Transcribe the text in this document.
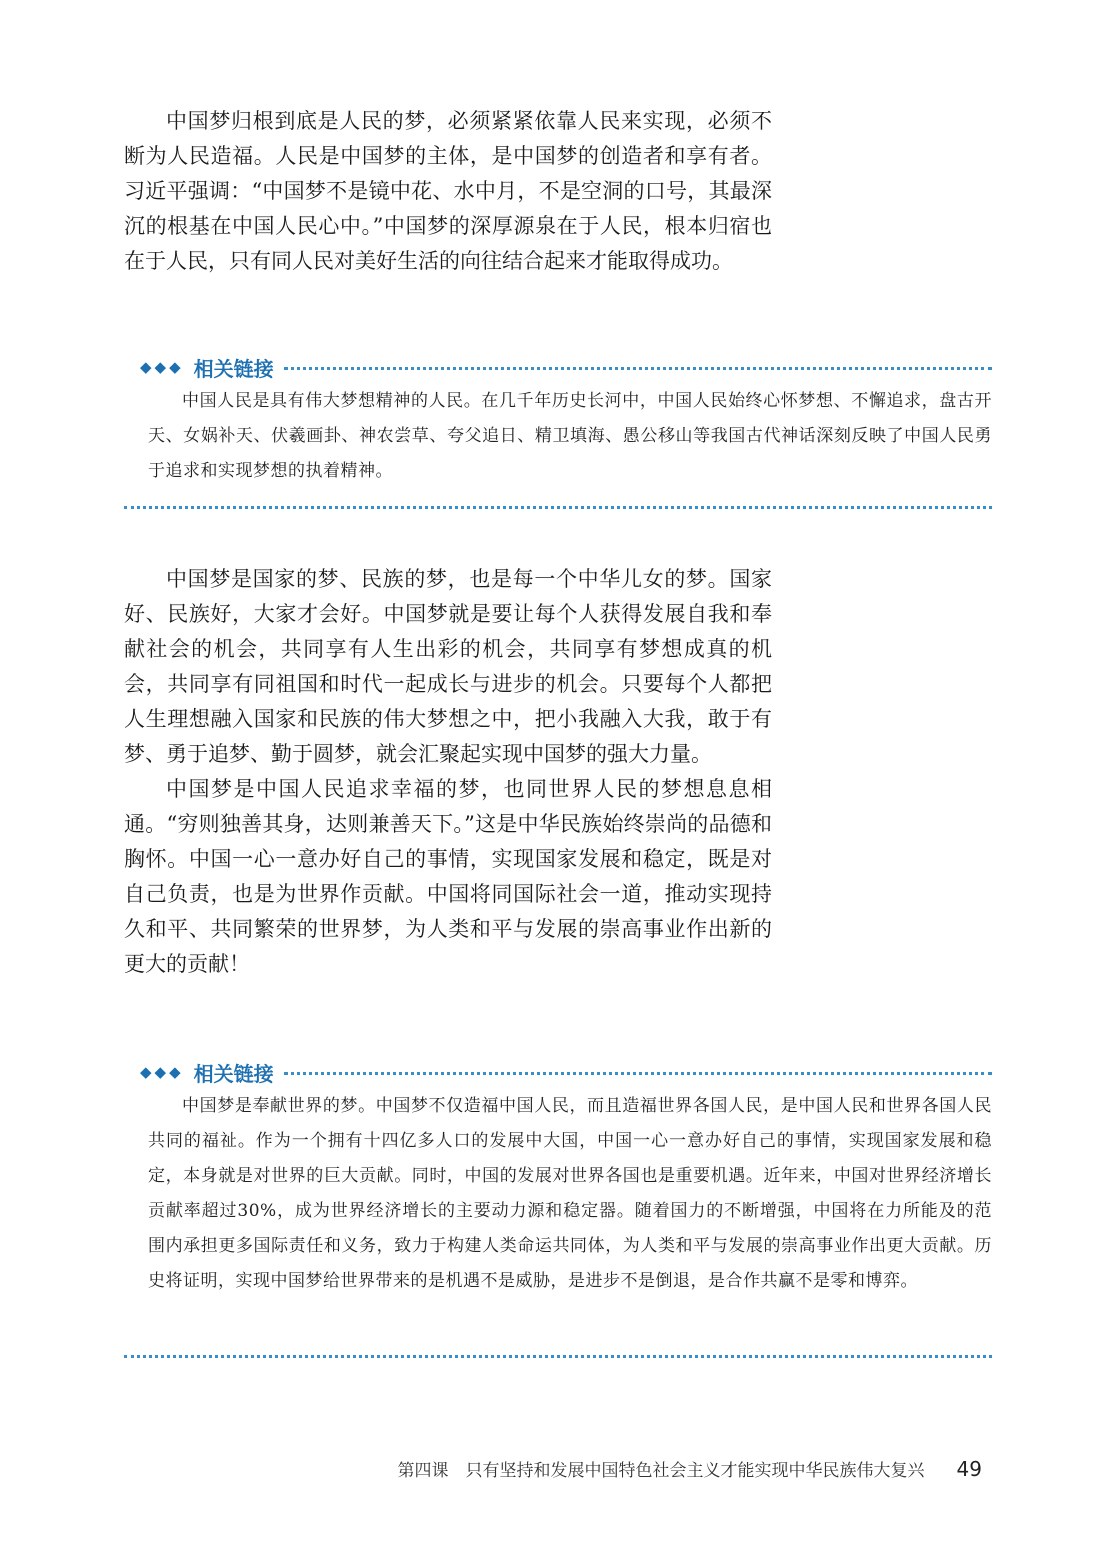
中国梦归根到底是人民的梦，必须紧紧依靠人民来实现，必须不断为人民造福。人民是中国梦的主体，是中国梦的创造者和享有者。习近平强调：“中国梦不是镜中花、水中月，不是空洞的口号，其最深沉的根基在中国人民心中。”中国梦的深厚源泉在于人民，根本归宿也在于人民，只有同人民对美好生活的向往结合起来才能取得成功。

◆◆◆ 相关链接

中国人民是具有伟大梦想精神的人民。在几千年历史长河中，中国人民始终心怀梦想、不懈追求，盘古开天、女娲补天、伏羲画卦、神农尝草、夸父追日、精卫填海、愚公移山等我国古代神话深刻反映了中国人民勇于追求和实现梦想的执着精神。

中国梦是国家的梦、民族的梦，也是每一个中华儿女的梦。国家好、民族好，大家才会好。中国梦就是要让每个人获得发展自我和奉献社会的机会，共同享有人生出彩的机会，共同享有梦想成真的机会，共同享有同祖国和时代一起成长与进步的机会。只要每个人都把人生理想融入国家和民族的伟大梦想之中，把小我融入大我，敢于有梦、勇于追梦、勤于圆梦，就会汇聚起实现中国梦的强大力量。

中国梦是中国人民追求幸福的梦，也同世界人民的梦想息息相通。“穷则独善其身，达则兼善天下。”这是中华民族始终崇尚的品德和胸怀。中国一心一意办好自己的事情，实现国家发展和稳定，既是对自己负责，也是为世界作贡献。中国将同国际社会一道，推动实现持久和平、共同繁荣的世界梦，为人类和平与发展的崇高事业作出新的更大的贡献！

◆◆◆ 相关链接

中国梦是奉献世界的梦。中国梦不仅造福中国人民，而且造福世界各国人民，是中国人民和世界各国人民共同的福祉。作为一个拥有十四亿多人口的发展中大国，中国一心一意办好自己的事情，实现国家发展和稳定，本身就是对世界的巨大贡献。同时，中国的发展对世界各国也是重要机遇。近年来，中国对世界经济增长贡献率超过30%，成为世界经济增长的主要动力源和稳定器。随着国力的不断增强，中国将在力所能及的范围内承担更多国际责任和义务，致力于构建人类命运共同体，为人类和平与发展的崇高事业作出更大贡献。历史将证明，实现中国梦给世界带来的是机遇不是威胁，是进步不是倒退，是合作共赢不是零和博弈。

第四课　只有坚持和发展中国特色社会主义才能实现中华民族伟大复兴 49
